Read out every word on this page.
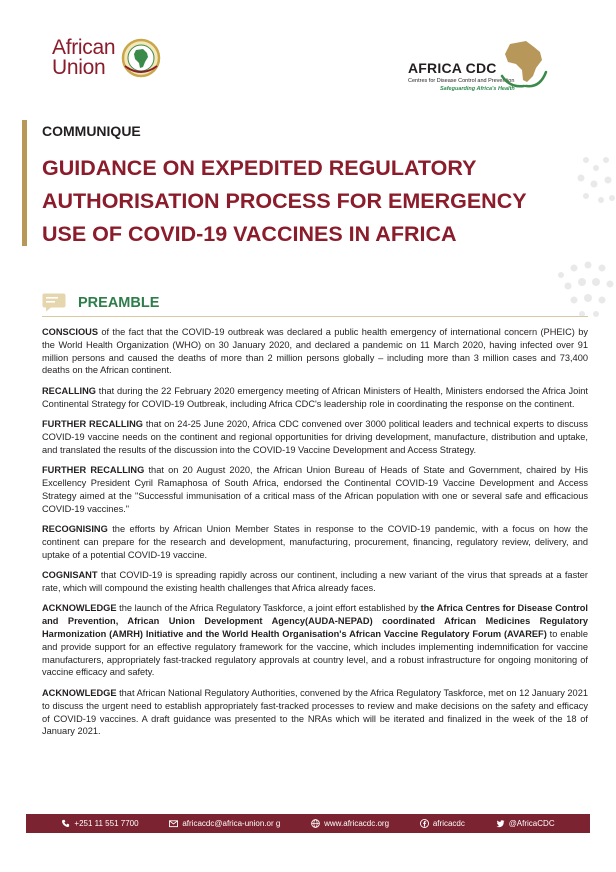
African
Union	AFRICA CDC
Centres for Disease Control and Prevention
Safeguarding Africa's Health
COMMUNIQUE
GUIDANCE ON EXPEDITED REGULATORY AUTHORISATION PROCESS FOR EMERGENCY USE OF COVID-19 VACCINES IN AFRICA
PREAMBLE

CONSCIOUS of the fact that the COVID-19 outbreak was declared a public health emergency of international concern (PHEIC) by the World Health Organization (WHO) on 30 January 2020, and declared a pandemic on 11 March 2020, having infected over 91 million persons and caused the deaths of more than 2 million persons globally – including more than 3 million cases and 73,400 deaths on the African continent.

RECALLING that during the 22 February 2020 emergency meeting of African Ministers of Health, Ministers endorsed the Africa Joint Continental Strategy for COVID-19 Outbreak, including Africa CDC's leadership role in coordinating the response on the continent.

FURTHER RECALLING that on 24-25 June 2020, Africa CDC convened over 3000 political leaders and technical experts to discuss COVID-19 vaccine needs on the continent and regional opportunities for driving development, manufacture, distribution and uptake, and translated the results of the discussion into the COVID-19 Vaccine Development and Access Strategy.

FURTHER RECALLING that on 20 August 2020, the African Union Bureau of Heads of State and Government, chaired by His Excellency President Cyril Ramaphosa of South Africa, endorsed the Continental COVID-19 Vaccine Development and Access Strategy aimed at the "Successful immunisation of a critical mass of the African population with one or several safe and efficacious COVID-19 vaccines."

RECOGNISING the efforts by African Union Member States in response to the COVID-19 pandemic, with a focus on how the continent can prepare for the research and development, manufacturing, procurement, financing, regulatory review, delivery, and uptake of a potential COVID-19 vaccine.

COGNISANT that COVID-19 is spreading rapidly across our continent, including a new variant of the virus that spreads at a faster rate, which will compound the existing health challenges that Africa already faces.

ACKNOWLEDGE the launch of the Africa Regulatory Taskforce, a joint effort established by the Africa Centres for Disease Control and Prevention, African Union Development Agency(AUDA-NEPAD) coordinated African Medicines Regulatory Harmonization (AMRH) Initiative and the World Health Organisation's African Vaccine Regulatory Forum (AVAREF) to enable and provide support for an effective regulatory framework for the vaccine, which includes implementing indemnification for vaccine manufacturers, appropriately fast-tracked regulatory approvals at country level, and a robust infrastructure for ongoing monitoring of vaccine efficacy and safety.

ACKNOWLEDGE that African National Regulatory Authorities, convened by the Africa Regulatory Taskforce, met on 12 January 2021 to discuss the urgent need to establish appropriately fast-tracked processes to review and make decisions on the safety and efficacy of COVID-19 vaccines. A draft guidance was presented to the NRAs which will be iterated and finalized in the week of the 18 of January 2021.

+251 11 551 7700	africacdc@africa-union.or g	www.africacdc.org	africacdc	@AfricaCDC
